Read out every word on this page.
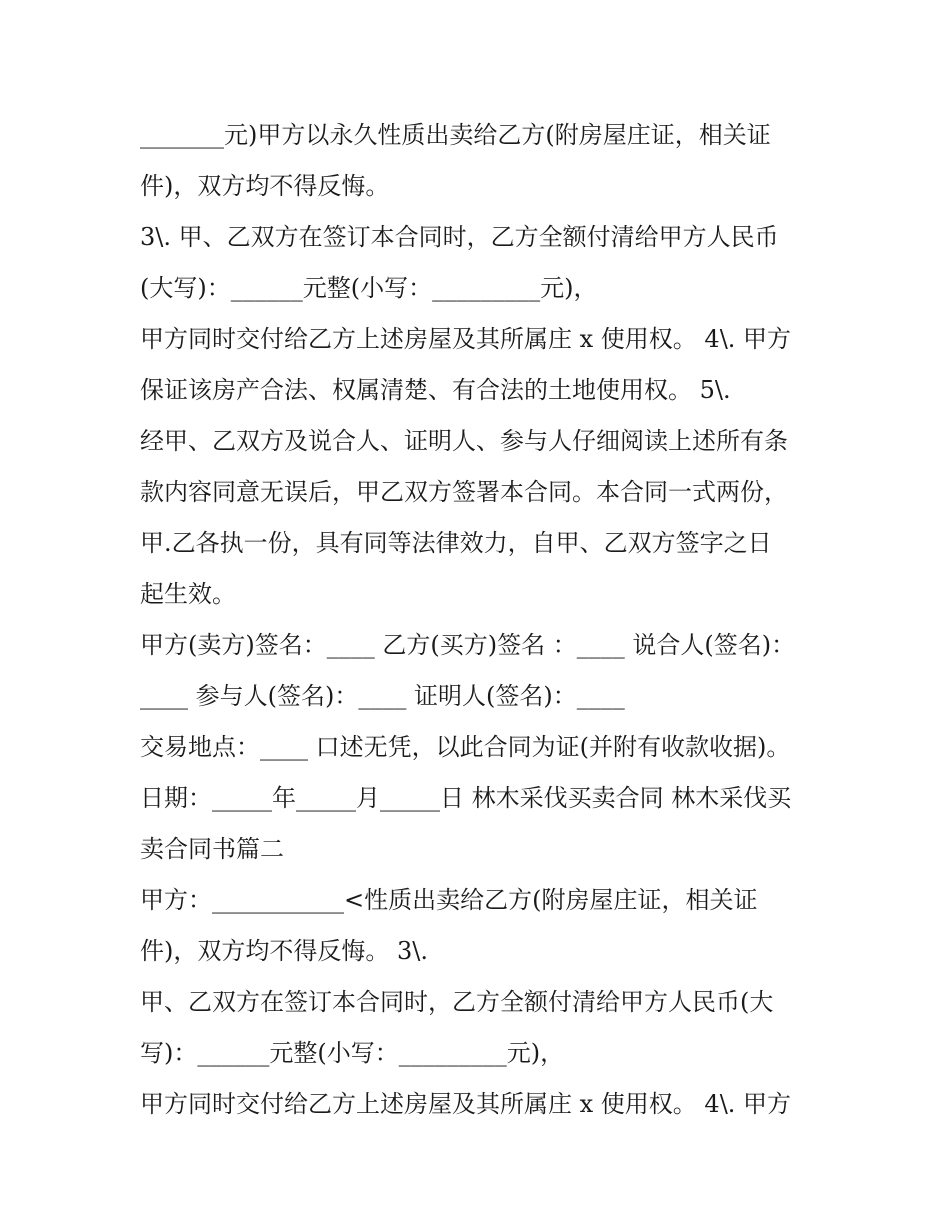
_______元)甲方以永久性质出卖给乙方(附房屋庄证，相关证
件)，双方均不得反悔。
3\. 甲、乙双方在签订本合同时，乙方全额付清给甲方人民币
(大写)：______元整(小写：_________元)，
甲方同时交付给乙方上述房屋及其所属庄 x 使用权。 4\. 甲方
保证该房产合法、权属清楚、有合法的土地使用权。 5\.
经甲、乙双方及说合人、证明人、参与人仔细阅读上述所有条
款内容同意无误后，甲乙双方签署本合同。本合同一式两份，
甲.乙各执一份，具有同等法律效力，自甲、乙双方签字之日
起生效。
甲方(卖方)签名：____ 乙方(买方)签名 ：____ 说合人(签名)：
____ 参与人(签名)：____ 证明人(签名)：____
交易地点：____ 口述无凭，以此合同为证(并附有收款收据)。
日期：_____年_____月_____日 林木采伐买卖合同 林木采伐买
卖合同书篇二
甲方：___________<性质出卖给乙方(附房屋庄证，相关证
件)，双方均不得反悔。 3\.
甲、乙双方在签订本合同时，乙方全额付清给甲方人民币(大
写)：______元整(小写：_________元)，
甲方同时交付给乙方上述房屋及其所属庄 x 使用权。 4\. 甲方
